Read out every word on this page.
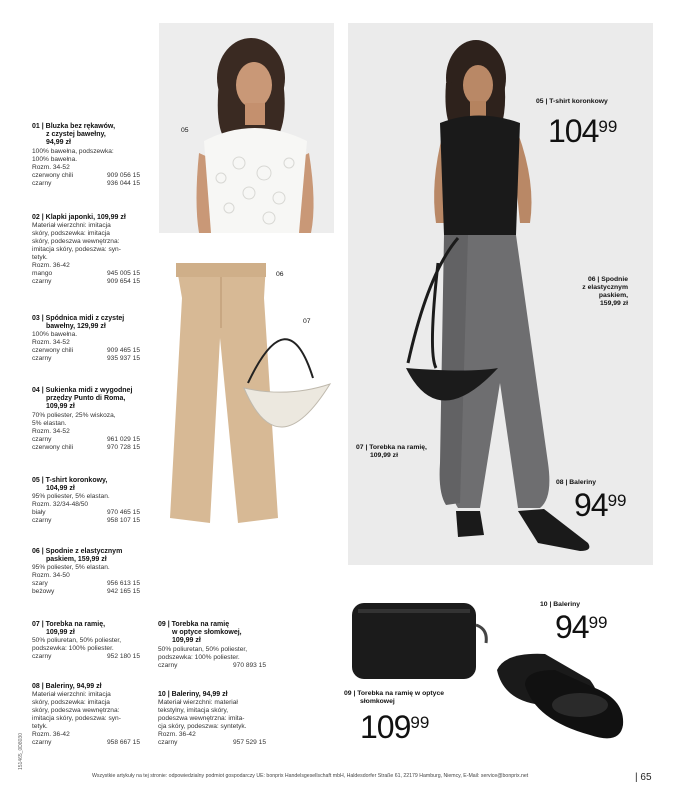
01 | Bluzka bez rękawów,
z czystej bawełny,
94,99 zł
100% bawełna, podszewka:
100% bawełna.
Rozm. 34-52
czerwony chili	909 056 15
czarny	936 044 15
02 | Klapki japonki, 109,99 zł
Materiał wierzchni: imitacja
skóry, podszewka: imitacja
skóry, podeszwa wewnętrzna:
imitacja skóry, podeszwa: syn-
tetyk.
Rozm. 36-42
mango	945 005 15
czarny	909 654 15
03 | Spódnica midi z czystej
bawełny, 129,99 zł
100% bawełna.
Rozm. 34-52
czerwony chili	909 465 15
czarny	935 937 15
04 | Sukienka midi z wygodnej
przędzy Punto di Roma,
109,99 zł
70% poliester, 25% wiskoza,
5% elastan.
Rozm. 34-52
czarny	961 029 15
czerwony chili	970 728 15
05 | T-shirt koronkowy,
104,99 zł
95% poliester, 5% elastan.
Rozm. 32/34-48/50
biały	970 465 15
czarny	958 107 15
06 | Spodnie z elastycznym
paskiem, 159,99 zł
95% poliester, 5% elastan.
Rozm. 34-50
szary	956 613 15
beżowy	942 165 15
07 | Torebka na ramię,
109,99 zł
50% poliuretan, 50% poliester,
podszewka: 100% poliester.
czarny	952 180 15
08 | Baleriny, 94,99 zł
Materiał wierzchni: imitacja
skóry, podszewka: imitacja
skóry, podeszwa wewnętrzna:
imitacja skóry, podeszwa: syn-
tetyk.
Rozm. 36-42
czarny	958 667 15
09 | Torebka na ramię
w optyce słomkowej,
109,99 zł
50% poliuretan, 50% poliester,
podszewka: 100% poliester.
czarny	970 893 15
10 | Baleriny, 94,99 zł
Materiał wierzchni: materiał
tekstylny, imitacja skóry,
podeszwa wewnętrzna: imita-
cja skóry, podeszwa: syntetyk.
Rozm. 36-42
czarny	957 529 15
05
05 | T-shirt koronkowy
$104^{99}$
06 | Spodnie
z elastycznym
paskiem,
159,99 zł
07 | Torebka na ramię,
109,99 zł
08 | Baleriny
$94^{99}$
06
07
09 | Torebka na ramię w optyce
słomkowej
$109^{99}$
10 | Baleriny
$94^{99}$
Wszystkie artykuły na tej stronie: odpowiedzialny podmiot gospodarczy UE: bonprix Handelsgesellschaft mbH, Haldesdorfer Straße 61, 22179 Hamburg, Niemcy, E-Mail: service@bonprix.net	| 65
151465_0D8030
